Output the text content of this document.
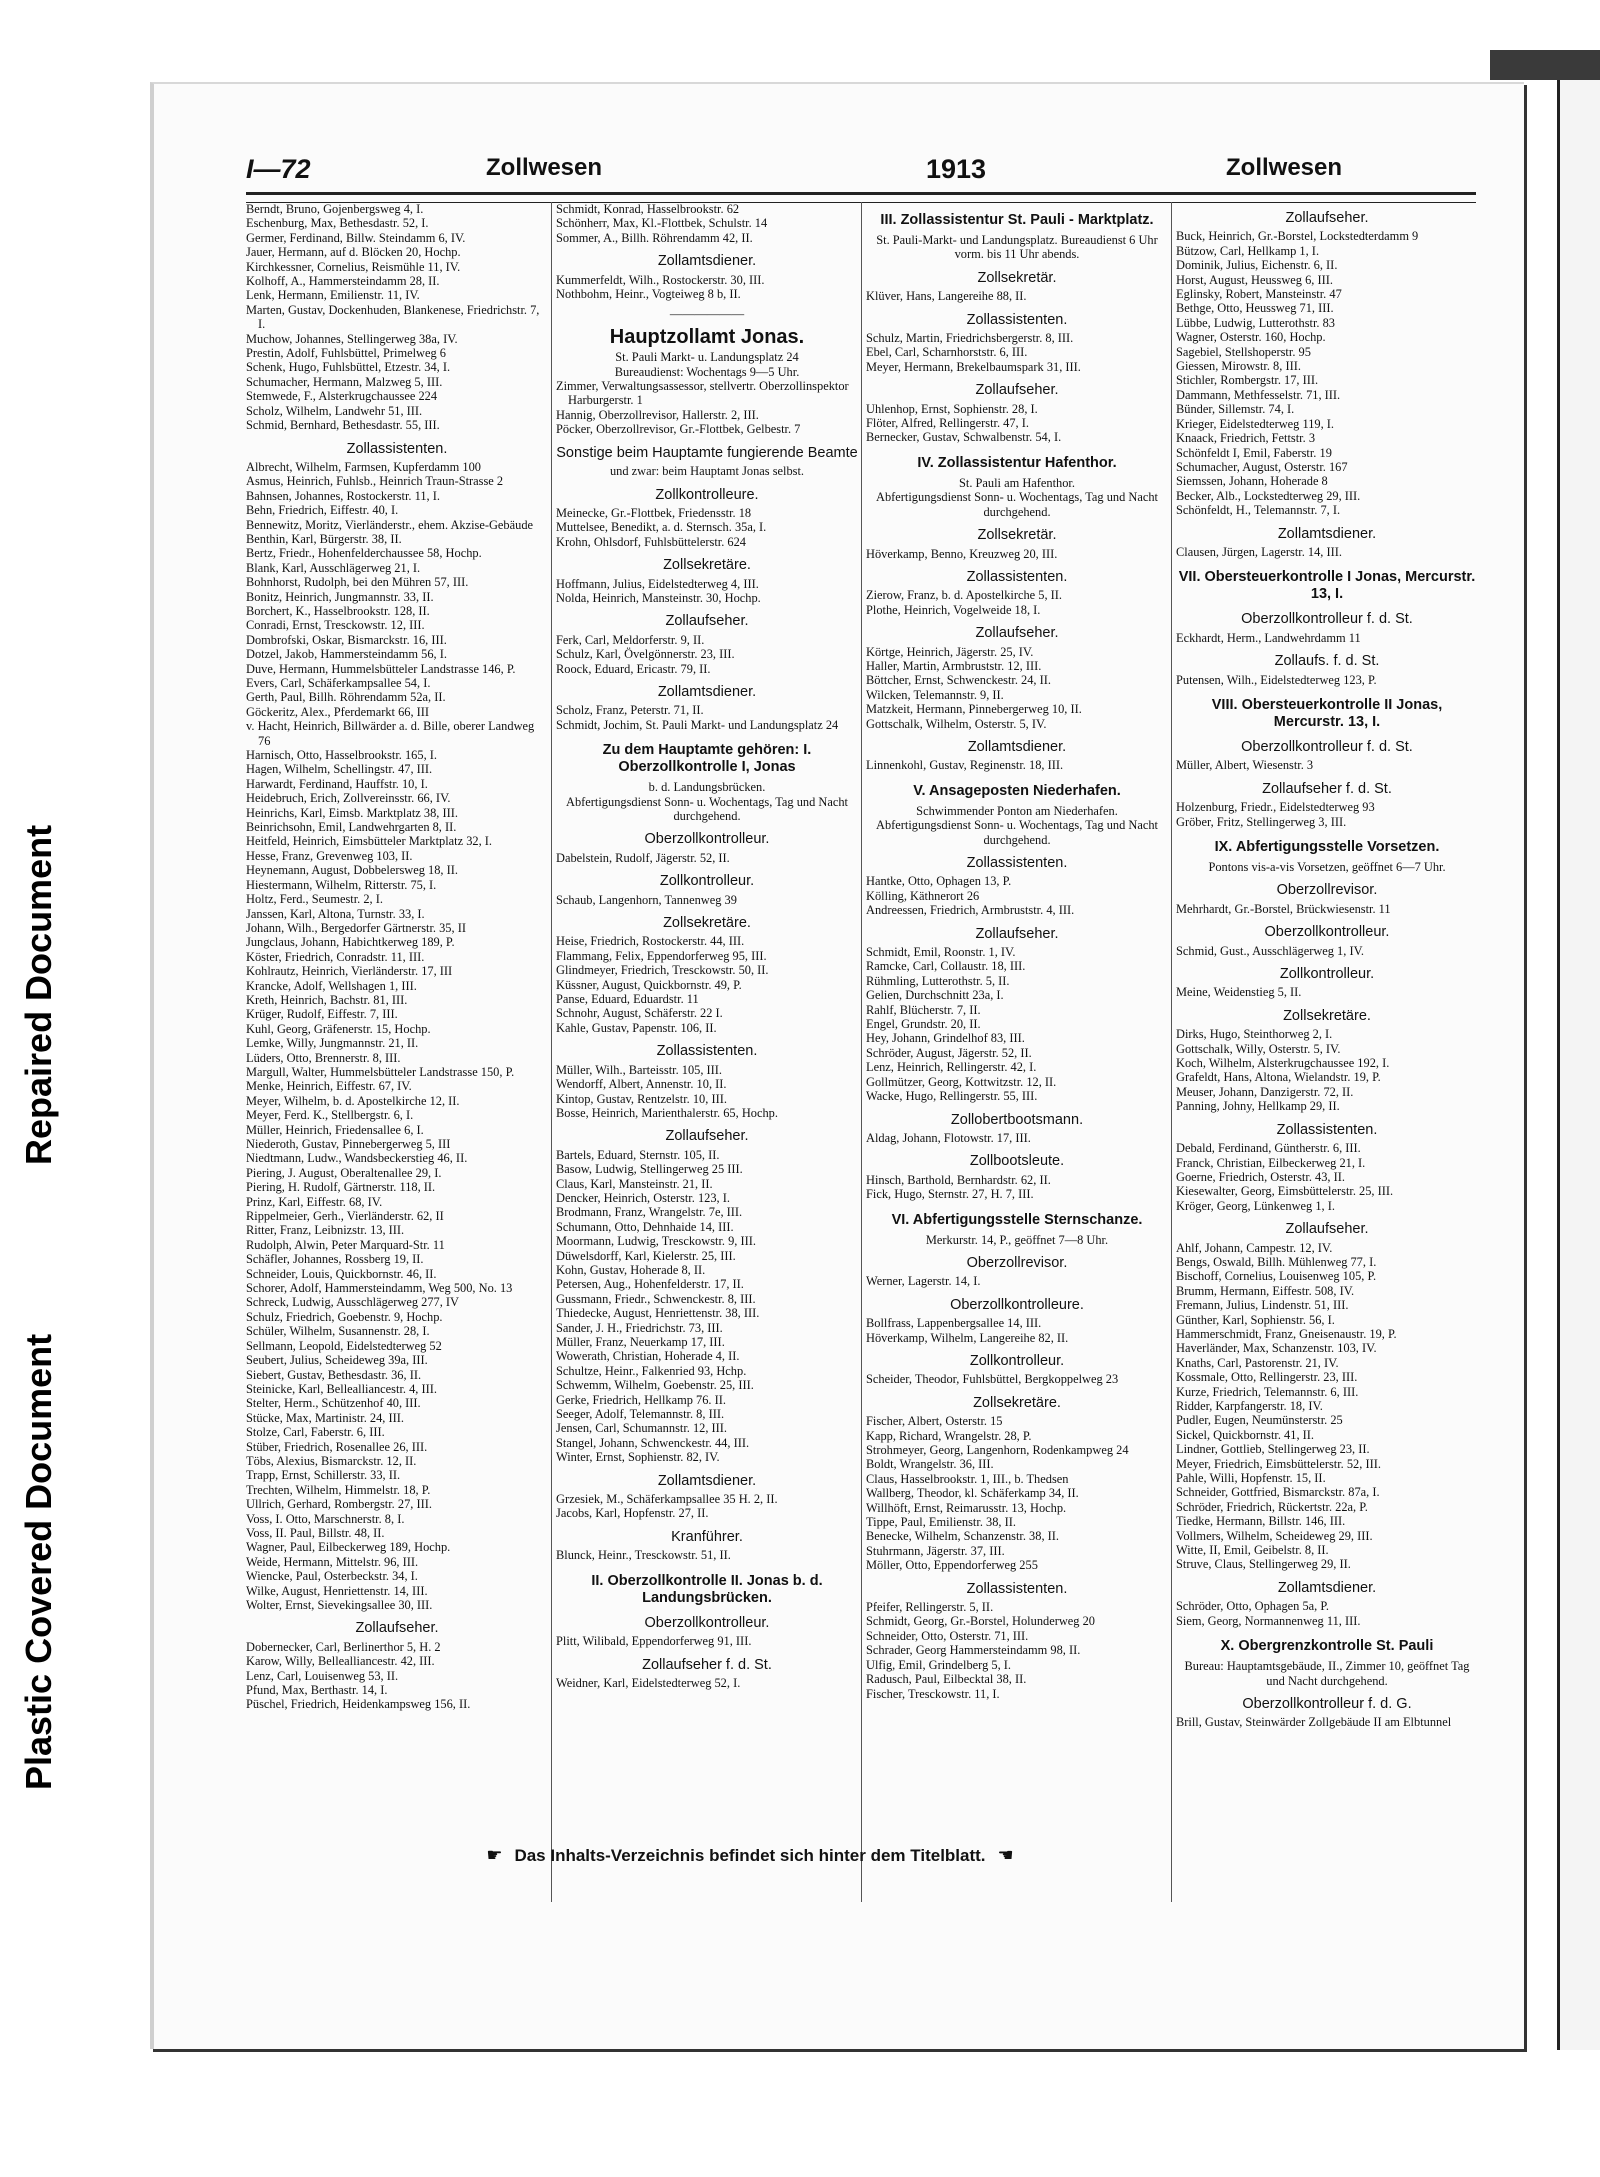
Repaired Document
Plastic Covered Document
I—72	Zollwesen	1913	Zollwesen
Berndt, Bruno, Gojenbergsweg 4, I.
Eschenburg, Max, Bethesdastr. 52, I.
Germer, Ferdinand, Billw. Steindamm 6, IV.
Jauer, Hermann, auf d. Blöcken 20, Hochp.
Kirchkessner, Cornelius, Reismühle 11, IV.
Kolhoff, A., Hammersteindamm 28, II.
Lenk, Hermann, Emilienstr. 11, IV.
Marten, Gustav, Dockenhuden, Blankenese, Friedrichstr. 7, I.
Muchow, Johannes, Stellingerweg 38a, IV.
Prestin, Adolf, Fuhlsbüttel, Primelweg 6
Schenk, Hugo, Fuhlsbüttel, Etzestr. 34, I.
Schumacher, Hermann, Malzweg 5, III.
Stemwede, F., Alsterkrugchaussee 224
Scholz, Wilhelm, Landwehr 51, III.
Schmid, Bernhard, Bethesdastr. 55, III.
Zollassistenten.
Albrecht, Wilhelm, Farmsen, Kupferdamm 100
Asmus, Heinrich, Fuhlsb., Heinrich Traun-Strasse 2
Bahnsen, Johannes, Rostockerstr. 11, I.
Behn, Friedrich, Eiffestr. 40, I.
Bennewitz, Moritz, Vierländerstr., ehem. Akzise-Gebäude
Benthin, Karl, Bürgerstr. 38, II.
Bertz, Friedr., Hohenfelderchaussee 58, Hochp.
Blank, Karl, Ausschlägerweg 21, I.
Bohnhorst, Rudolph, bei den Mühren 57, III.
Bonitz, Heinrich, Jungmannstr. 33, II.
Borchert, K., Hasselbrookstr. 128, II.
Conradi, Ernst, Tresckowstr. 12, III.
Dombrofski, Oskar, Bismarckstr. 16, III.
Dotzel, Jakob, Hammersteindamm 56, I.
Duve, Hermann, Hummelsbütteler Landstrasse 146, P.
Evers, Carl, Schäferkampsallee 54, I.
Gerth, Paul, Billh. Röhrendamm 52a, II.
Göckeritz, Alex., Pferdemarkt 66, III
v. Hacht, Heinrich, Billwärder a. d. Bille, oberer Landweg 76
Harnisch, Otto, Hasselbrookstr. 165, I.
Hagen, Wilhelm, Schellingstr. 47, III.
Harwardt, Ferdinand, Hauffstr. 10, I.
Heidebruch, Erich, Zollvereinsstr. 66, IV.
Heinrichs, Karl, Eimsb. Marktplatz 38, III.
Beinrichsohn, Emil, Landwehrgarten 8, II.
Heitfeld, Heinrich, Eimsbütteler Marktplatz 32, I.
Hesse, Franz, Grevenweg 103, II.
Heynemann, August, Dobbelersweg 18, II.
Hiestermann, Wilhelm, Ritterstr. 75, I.
Holtz, Ferd., Seumestr. 2, I.
Janssen, Karl, Altona, Turnstr. 33, I.
Johann, Wilh., Bergedorfer Gärtnerstr. 35, II
Jungclaus, Johann, Habichtkerweg 189, P.
Köster, Friedrich, Conradstr. 11, III.
Kohlrautz, Heinrich, Vierländerstr. 17, III
Krancke, Adolf, Wellshagen 1, III.
Kreth, Heinrich, Bachstr. 81, III.
Krüger, Rudolf, Eiffestr. 7, III.
Kuhl, Georg, Gräfenerstr. 15, Hochp.
Lemke, Willy, Jungmannstr. 21, II.
Lüders, Otto, Brennerstr. 8, III.
Margull, Walter, Hummelsbütteler Landstrasse 150, P.
Menke, Heinrich, Eiffestr. 67, IV.
Meyer, Wilhelm, b. d. Apostelkirche 12, II.
Meyer, Ferd. K., Stellbergstr. 6, I.
Müller, Heinrich, Friedensallee 6, I.
Niederoth, Gustav, Pinnebergerweg 5, III
Niedtmann, Ludw., Wandsbeckerstieg 46, II.
Piering, J. August, Oberaltenallee 29, I.
Piering, H. Rudolf, Gärtnerstr. 118, II.
Prinz, Karl, Eiffestr. 68, IV.
Rippelmeier, Gerh., Vierländerstr. 62, II
Ritter, Franz, Leibnizstr. 13, III.
Rudolph, Alwin, Peter Marquard-Str. 11
Schäfler, Johannes, Rossberg 19, II.
Schneider, Louis, Quickbornstr. 46, II.
Schorer, Adolf, Hammersteindamm, Weg 500, No. 13
Schreck, Ludwig, Ausschlägerweg 277, IV
Schulz, Friedrich, Goebenstr. 9, Hochp.
Schüler, Wilhelm, Susannenstr. 28, I.
Sellmann, Leopold, Eidelstedterweg 52
Seubert, Julius, Scheideweg 39a, III.
Siebert, Gustav, Bethesdastr. 36, II.
Steinicke, Karl, Bellealliancestr. 4, III.
Stelter, Herm., Schützenhof 40, III.
Stücke, Max, Martinistr. 24, III.
Stolze, Carl, Faberstr. 6, III.
Stüber, Friedrich, Rosenallee 26, III.
Töbs, Alexius, Bismarckstr. 12, II.
Trapp, Ernst, Schillerstr. 33, II.
Trechten, Wilhelm, Himmelstr. 18, P.
Ullrich, Gerhard, Rombergstr. 27, III.
Voss, I. Otto, Marschnerstr. 8, I.
Voss, II. Paul, Billstr. 48, II.
Wagner, Paul, Eilbeckerweg 189, Hochp.
Weide, Hermann, Mittelstr. 96, III.
Wiencke, Paul, Osterbeckstr. 34, I.
Wilke, August, Henriettenstr. 14, III.
Wolter, Ernst, Sievekingsallee 30, III.
Zollaufseher.
Dobernecker, Carl, Berlinerthor 5, H. 2
Karow, Willy, Bellealliancestr. 42, III.
Lenz, Carl, Louisenweg 53, II.
Pfund, Max, Berthastr. 14, I.
Püschel, Friedrich, Heidenkampsweg 156, II.
Schmidt, Konrad, Hasselbrookstr. 62
Schönherr, Max, Kl.-Flottbek, Schulstr. 14
Sommer, A., Billh. Röhrendamm 42, II.
Zollamtsdiener.
Kummerfeldt, Wilh., Rostockerstr. 30, III.
Nothbohm, Heinr., Vogteiweg 8 b, II.
——————
Hauptzollamt Jonas.
St. Pauli Markt- u. Landungsplatz 24
Bureaudienst: Wochentags 9—5 Uhr.
Zimmer, Verwaltungsassessor, stellvertr. Oberzollinspektor Harburgerstr. 1
Hannig, Oberzollrevisor, Hallerstr. 2, III.
Pöcker, Oberzollrevisor, Gr.-Flottbek, Gelbestr. 7
Sonstige beim Hauptamte fungierende Beamte
und zwar: beim Hauptamt Jonas selbst.
Zollkontrolleure.
Meinecke, Gr.-Flottbek, Friedensstr. 18
Muttelsee, Benedikt, a. d. Sternsch. 35a, I.
Krohn, Ohlsdorf, Fuhlsbüttelerstr. 624
Zollsekretäre.
Hoffmann, Julius, Eidelstedterweg 4, III.
Nolda, Heinrich, Mansteinstr. 30, Hochp.
Zollaufseher.
Ferk, Carl, Meldorferstr. 9, II.
Schulz, Karl, Övelgönnerstr. 23, III.
Roock, Eduard, Ericastr. 79, II.
Zollamtsdiener.
Scholz, Franz, Peterstr. 71, II.
Schmidt, Jochim, St. Pauli Markt- und Landungsplatz 24
Zu dem Hauptamte gehören: I. Oberzollkontrolle I, Jonas
b. d. Landungsbrücken.
Abfertigungsdienst Sonn- u. Wochentags, Tag und Nacht durchgehend.
Oberzollkontrolleur.
Dabelstein, Rudolf, Jägerstr. 52, II.
Zollkontrolleur.
Schaub, Langenhorn, Tannenweg 39
Zollsekretäre.
Heise, Friedrich, Rostockerstr. 44, III.
Flammang, Felix, Eppendorferweg 95, III.
Glindmeyer, Friedrich, Tresckowstr. 50, II.
Küssner, August, Quickbornstr. 49, P.
Panse, Eduard, Eduardstr. 11
Schnohr, August, Schäferstr. 22 I.
Kahle, Gustav, Papenstr. 106, II.
Zollassistenten.
Müller, Wilh., Barteisstr. 105, III.
Wendorff, Albert, Annenstr. 10, II.
Kintop, Gustav, Rentzelstr. 10, III.
Bosse, Heinrich, Marienthalerstr. 65, Hochp.
Zollaufseher.
Bartels, Eduard, Sternstr. 105, II.
Basow, Ludwig, Stellingerweg 25 III.
Claus, Karl, Mansteinstr. 21, II.
Dencker, Heinrich, Osterstr. 123, I.
Brodmann, Franz, Wrangelstr. 7e, III.
Schumann, Otto, Dehnhaide 14, III.
Moormann, Ludwig, Tresckowstr. 9, III.
Düwelsdorff, Karl, Kielerstr. 25, III.
Kohn, Gustav, Hoherade 8, II.
Petersen, Aug., Hohenfelderstr. 17, II.
Gussmann, Friedr., Schwenckestr. 8, III.
Thiedecke, August, Henriettenstr. 38, III.
Sander, J. H., Friedrichstr. 73, III.
Müller, Franz, Neuerkamp 17, III.
Wowerath, Christian, Hoherade 4, II.
Schultze, Heinr., Falkenried 93, Hchp.
Schwemm, Wilhelm, Goebenstr. 25, III.
Gerke, Friedrich, Hellkamp 76. II.
Seeger, Adolf, Telemannstr. 8, III.
Jensen, Carl, Schumannstr. 12, III.
Stangel, Johann, Schwenckestr. 44, III.
Winter, Ernst, Sophienstr. 82, IV.
Zollamtsdiener.
Grzesiek, M., Schäferkampsallee 35 H. 2, II.
Jacobs, Karl, Hopfenstr. 27, II.
Kranführer.
Blunck, Heinr., Tresckowstr. 51, II.
II. Oberzollkontrolle II. Jonas b. d. Landungsbrücken.
Oberzollkontrolleur.
Plitt, Wilibald, Eppendorferweg 91, III.
Zollaufseher f. d. St.
Weidner, Karl, Eidelstedterweg 52, I.
III. Zollassistentur St. Pauli - Marktplatz.
St. Pauli-Markt- und Landungsplatz. Bureaudienst 6 Uhr vorm. bis 11 Uhr abends.
Zollsekretär.
Klüver, Hans, Langereihe 88, II.
Zollassistenten.
Schulz, Martin, Friedrichsbergerstr. 8, III.
Ebel, Carl, Scharnhorststr. 6, III.
Meyer, Hermann, Brekelbaumspark 31, III.
Zollaufseher.
Uhlenhop, Ernst, Sophienstr. 28, I.
Flöter, Alfred, Rellingerstr. 47, I.
Bernecker, Gustav, Schwalbenstr. 54, I.
IV. Zollassistentur Hafenthor.
St. Pauli am Hafenthor.
Abfertigungsdienst Sonn- u. Wochentags, Tag und Nacht durchgehend.
Zollsekretär.
Höverkamp, Benno, Kreuzweg 20, III.
Zollassistenten.
Zierow, Franz, b. d. Apostelkirche 5, II.
Plothe, Heinrich, Vogelweide 18, I.
Zollaufseher.
Körtge, Heinrich, Jägerstr. 25, IV.
Haller, Martin, Armbruststr. 12, III.
Böttcher, Ernst, Schwenckestr. 24, II.
Wilcken, Telemannstr. 9, II.
Matzkeit, Hermann, Pinnebergerweg 10, II.
Gottschalk, Wilhelm, Osterstr. 5, IV.
Zollamtsdiener.
Linnenkohl, Gustav, Reginenstr. 18, III.
V. Ansageposten Niederhafen.
Schwimmender Ponton am Niederhafen.
Abfertigungsdienst Sonn- u. Wochentags, Tag und Nacht durchgehend.
Zollassistenten.
Hantke, Otto, Ophagen 13, P.
Kölling, Käthnerort 26
Andreessen, Friedrich, Armbruststr. 4, III.
Zollaufseher.
Schmidt, Emil, Roonstr. 1, IV.
Ramcke, Carl, Collaustr. 18, III.
Rühmling, Lutterothstr. 5, II.
Gelien, Durchschnitt 23a, I.
Rahlf, Blücherstr. 7, II.
Engel, Grundstr. 20, II.
Hey, Johann, Grindelhof 83, III.
Schröder, August, Jägerstr. 52, II.
Lenz, Heinrich, Rellingerstr. 42, I.
Gollmützer, Georg, Kottwitzstr. 12, II.
Wacke, Hugo, Rellingerstr. 55, III.
Zollobertbootsmann.
Aldag, Johann, Flotowstr. 17, III.
Zollbootsleute.
Hinsch, Barthold, Bernhardstr. 62, II.
Fick, Hugo, Sternstr. 27, H. 7, III.
VI. Abfertigungsstelle Sternschanze.
Merkurstr. 14, P., geöffnet 7—8 Uhr.
Oberzollrevisor.
Werner, Lagerstr. 14, I.
Oberzollkontrolleure.
Bollfrass, Lappenbergsallee 14, III.
Höverkamp, Wilhelm, Langereihe 82, II.
Zollkontrolleur.
Scheider, Theodor, Fuhlsbüttel, Bergkoppelweg 23
Zollsekretäre.
Fischer, Albert, Osterstr. 15
Kapp, Richard, Wrangelstr. 28, P.
Strohmeyer, Georg, Langenhorn, Rodenkampweg 24
Boldt, Wrangelstr. 36, III.
Claus, Hasselbrookstr. 1, III., b. Thedsen
Wallberg, Theodor, kl. Schäferkamp 34, II.
Willhöft, Ernst, Reimarusstr. 13, Hochp.
Tippe, Paul, Emilienstr. 38, II.
Benecke, Wilhelm, Schanzenstr. 38, II.
Stuhrmann, Jägerstr. 37, III.
Möller, Otto, Eppendorferweg 255
Zollassistenten.
Pfeifer, Rellingerstr. 5, II.
Schmidt, Georg, Gr.-Borstel, Holunderweg 20
Schneider, Otto, Osterstr. 71, III.
Schrader, Georg Hammersteindamm 98, II.
Ulfig, Emil, Grindelberg 5, I.
Radusch, Paul, Eilbecktal 38, II.
Fischer, Tresckowstr. 11, I.
Zollaufseher.
Buck, Heinrich, Gr.-Borstel, Lockstedterdamm 9
Bützow, Carl, Hellkamp 1, I.
Dominik, Julius, Eichenstr. 6, II.
Horst, August, Heussweg 6, III.
Eglinsky, Robert, Mansteinstr. 47
Bethge, Otto, Heussweg 71, III.
Lübbe, Ludwig, Lutterothstr. 83
Wagner, Osterstr. 160, Hochp.
Sagebiel, Stellshoperstr. 95
Giessen, Mirowstr. 8, III.
Stichler, Rombergstr. 17, III.
Dammann, Methfesselstr. 71, III.
Bünder, Sillemstr. 74, I.
Krieger, Eidelstedterweg 119, I.
Knaack, Friedrich, Fettstr. 3
Schönfeldt I, Emil, Faberstr. 19
Schumacher, August, Osterstr. 167
Siemssen, Johann, Hoherade 8
Becker, Alb., Lockstedterweg 29, III.
Schönfeldt, H., Telemannstr. 7, I.
Zollamtsdiener.
Clausen, Jürgen, Lagerstr. 14, III.
VII. Obersteuerkontrolle I Jonas, Mercurstr. 13, I.
Oberzollkontrolleur f. d. St.
Eckhardt, Herm., Landwehrdamm 11
Zollaufs. f. d. St.
Putensen, Wilh., Eidelstedterweg 123, P.
VIII. Obersteuerkontrolle II Jonas, Mercurstr. 13, I.
Oberzollkontrolleur f. d. St.
Müller, Albert, Wiesenstr. 3
Zollaufseher f. d. St.
Holzenburg, Friedr., Eidelstedterweg 93
Gröber, Fritz, Stellingerweg 3, III.
IX. Abfertigungsstelle Vorsetzen.
Pontons vis-a-vis Vorsetzen, geöffnet 6—7 Uhr.
Oberzollrevisor.
Mehrhardt, Gr.-Borstel, Brückwiesenstr. 11
Oberzollkontrolleur.
Schmid, Gust., Ausschlägerweg 1, IV.
Zollkontrolleur.
Meine, Weidenstieg 5, II.
Zollsekretäre.
Dirks, Hugo, Steinthorweg 2, I.
Gottschalk, Willy, Osterstr. 5, IV.
Koch, Wilhelm, Alsterkrugchaussee 192, I.
Grafeldt, Hans, Altona, Wielandstr. 19, P.
Meuser, Johann, Danzigerstr. 72, II.
Panning, Johny, Hellkamp 29, II.
Zollassistenten.
Debald, Ferdinand, Güntherstr. 6, III.
Franck, Christian, Eilbeckerweg 21, I.
Goerne, Friedrich, Osterstr. 43, II.
Kiesewalter, Georg, Eimsbüttelerstr. 25, III.
Kröger, Georg, Lünkenweg 1, I.
Zollaufseher.
Ahlf, Johann, Campestr. 12, IV.
Bengs, Oswald, Billh. Mühlenweg 77, I.
Bischoff, Cornelius, Louisenweg 105, P.
Brumm, Hermann, Eiffestr. 508, IV.
Fremann, Julius, Lindenstr. 51, III.
Günther, Karl, Sophienstr. 56, I.
Hammerschmidt, Franz, Gneisenaustr. 19, P.
Haverländer, Max, Schanzenstr. 103, IV.
Knaths, Carl, Pastorenstr. 21, IV.
Kossmale, Otto, Rellingerstr. 23, III.
Kurze, Friedrich, Telemannstr. 6, III.
Ridder, Karpfangerstr. 18, IV.
Pudler, Eugen, Neumünsterstr. 25
Sickel, Quickbornstr. 41, II.
Lindner, Gottlieb, Stellingerweg 23, II.
Meyer, Friedrich, Eimsbüttelerstr. 52, III.
Pahle, Willi, Hopfenstr. 15, II.
Schneider, Gottfried, Bismarckstr. 87a, I.
Schröder, Friedrich, Rückertstr. 22a, P.
Tiedke, Hermann, Billstr. 146, III.
Vollmers, Wilhelm, Scheideweg 29, III.
Witte, II, Emil, Geibelstr. 8, II.
Struve, Claus, Stellingerweg 29, II.
Zollamtsdiener.
Schröder, Otto, Ophagen 5a, P.
Siem, Georg, Normannenweg 11, III.
X. Obergrenzkontrolle St. Pauli
Bureau: Hauptamtsgebäude, II., Zimmer 10, geöffnet Tag und Nacht durchgehend.
Oberzollkontrolleur f. d. G.
Brill, Gustav, Steinwärder Zollgebäude II am Elbtunnel
☛ Das Inhalts-Verzeichnis befindet sich hinter dem Titelblatt. ☚
